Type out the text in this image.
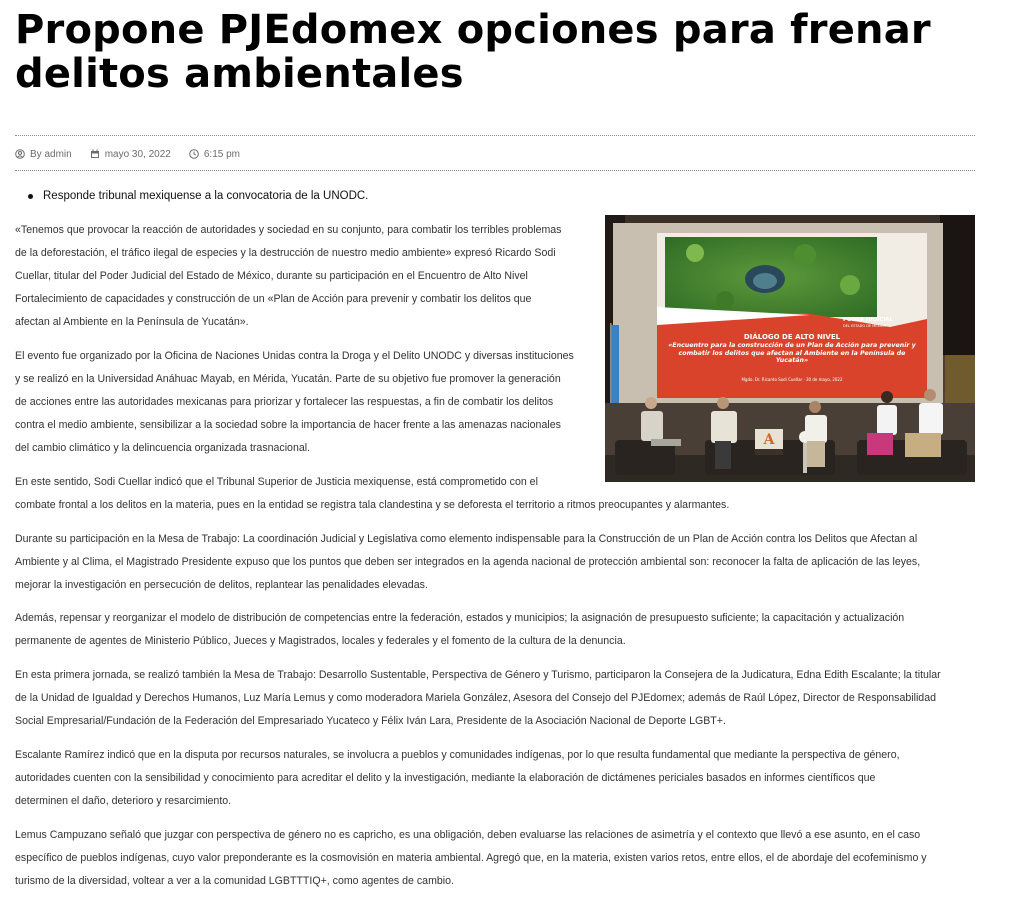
Propone PJEdomex opciones para frenar delitos ambientales
By admin	mayo 30, 2022	6:15 pm
Responde tribunal mexiquense a la convocatoria de la UNODC.
PODER JUDICIAL
DEL ESTADO DE MÉXICO
DIÁLOGO DE ALTO NIVEL
«Encuentro para la construcción de un Plan de Acción para prevenir y combatir los delitos que afectan al Ambiente en la Península de Yucatán»
Mgdo. Dr. Ricardo Sodi Cuellar · 30 de mayo, 2022
A

«Tenemos que provocar la reacción de autoridades y sociedad en su conjunto, para combatir los terribles problemas
de la deforestación, el tráfico ilegal de especies y la destrucción de nuestro medio ambiente» expresó Ricardo Sodi
Cuellar, titular del Poder Judicial del Estado de México, durante su participación en el Encuentro de Alto Nivel
Fortalecimiento de capacidades y construcción de un «Plan de Acción para prevenir y combatir los delitos que
afectan al Ambiente en la Península de Yucatán».

El evento fue organizado por la Oficina de Naciones Unidas contra la Droga y el Delito UNODC y diversas instituciones
y se realizó en la Universidad Anáhuac Mayab, en Mérida, Yucatán. Parte de su objetivo fue promover la generación
de acciones entre las autoridades mexicanas para priorizar y fortalecer las respuestas, a fin de combatir los delitos
contra el medio ambiente, sensibilizar a la sociedad sobre la importancia de hacer frente a las amenazas nacionales
del cambio climático y la delincuencia organizada trasnacional.

En este sentido, Sodi Cuellar indicó que el Tribunal Superior de Justicia mexiquense, está comprometido con el
combate frontal a los delitos en la materia, pues en la entidad se registra tala clandestina y se deforesta el territorio a ritmos preocupantes y alarmantes.

Durante su participación en la Mesa de Trabajo: La coordinación Judicial y Legislativa como elemento indispensable para la Construcción de un Plan de Acción contra los Delitos que Afectan al
Ambiente y al Clima, el Magistrado Presidente expuso que los puntos que deben ser integrados en la agenda nacional de protección ambiental son: reconocer la falta de aplicación de las leyes,
mejorar la investigación en persecución de delitos, replantear las penalidades elevadas.

Además, repensar y reorganizar el modelo de distribución de competencias entre la federación, estados y municipios; la asignación de presupuesto suficiente; la capacitación y actualización
permanente de agentes de Ministerio Público, Jueces y Magistrados, locales y federales y el fomento de la cultura de la denuncia.

En esta primera jornada, se realizó también la Mesa de Trabajo: Desarrollo Sustentable, Perspectiva de Género y Turismo, participaron la Consejera de la Judicatura, Edna Edith Escalante; la titular
de la Unidad de Igualdad y Derechos Humanos, Luz María Lemus y como moderadora Mariela González, Asesora del Consejo del PJEdomex; además de Raúl López, Director de Responsabilidad
Social Empresarial/Fundación de la Federación del Empresariado Yucateco y Félix Iván Lara, Presidente de la Asociación Nacional de Deporte LGBT+.

Escalante Ramírez indicó que en la disputa por recursos naturales, se involucra a pueblos y comunidades indígenas, por lo que resulta fundamental que mediante la perspectiva de género,
autoridades cuenten con la sensibilidad y conocimiento para acreditar el delito y la investigación, mediante la elaboración de dictámenes periciales basados en informes científicos que
determinen el daño, deterioro y resarcimiento.

Lemus Campuzano señaló que juzgar con perspectiva de género no es capricho, es una obligación, deben evaluarse las relaciones de asimetría y el contexto que llevó a ese asunto, en el caso
específico de pueblos indígenas, cuyo valor preponderante es la cosmovisión en materia ambiental. Agregó que, en la materia, existen varios retos, entre ellos, el de abordaje del ecofeminismo y
turismo de la diversidad, voltear a ver a la comunidad LGBTTTIQ+, como agentes de cambio.
